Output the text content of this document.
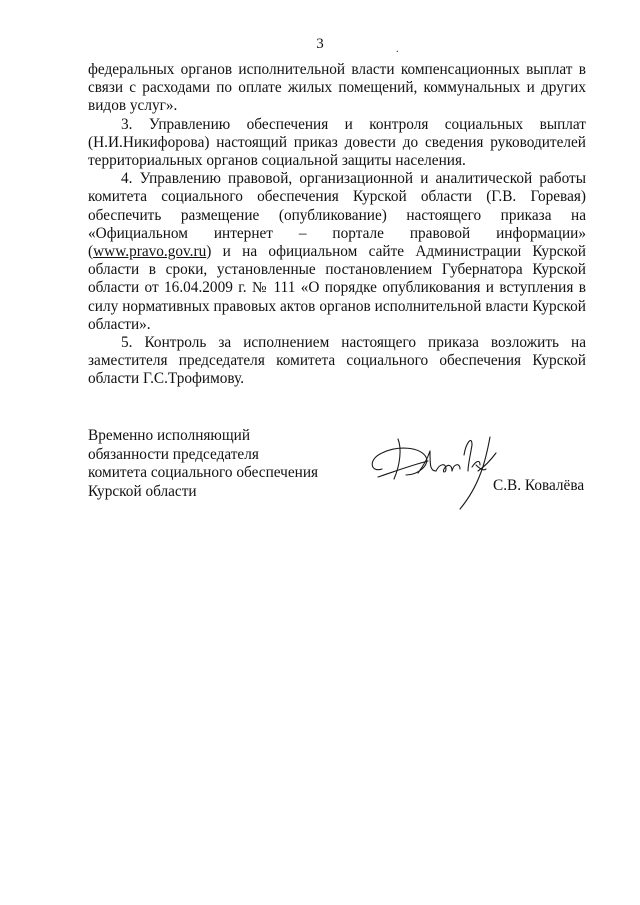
3	.

федеральных органов исполнительной власти компенсационных выплат в связи с расходами по оплате жилых помещений, коммунальных и других видов услуг».

3. Управлению обеспечения и контроля социальных выплат (Н.И.Никифорова) настоящий приказ довести до сведения руководителей территориальных органов социальной защиты населения.

4. Управлению правовой, организационной и аналитической работы комитета социального обеспечения Курской области (Г.В. Горевая) обеспечить размещение (опубликование) настоящего приказа на «Официальном интернет – портале правовой информации» (www.pravo.gov.ru) и на официальном сайте Администрации Курской области в сроки, установленные постановлением Губернатора Курской области от 16.04.2009 г. № 111 «О порядке опубликования и вступления в силу нормативных правовых актов органов исполнительной власти Курской области».

5. Контроль за исполнением настоящего приказа возложить на заместителя председателя комитета социального обеспечения Курской области Г.С.Трофимову.

Временно исполняющий
обязанности председателя
комитета социального обеспечения
Курской области	С.В. Ковалёва
